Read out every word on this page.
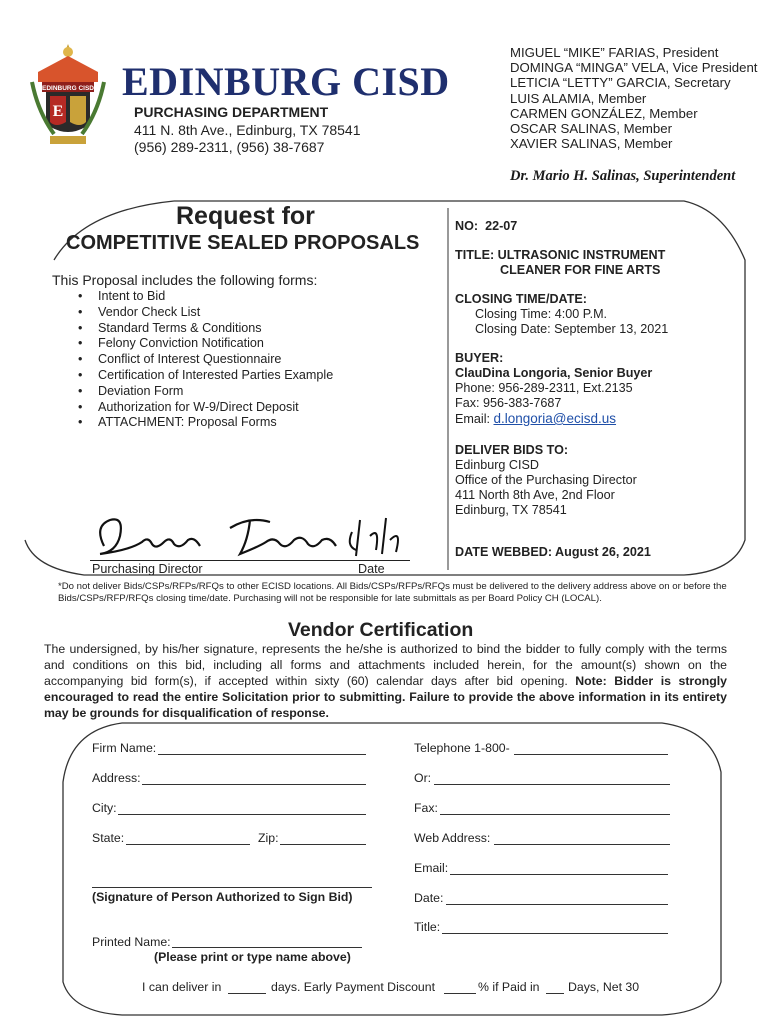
EDINBURG CISD
E
EDINBURG CISD
PURCHASING DEPARTMENT
411 N. 8th Ave., Edinburg, TX 78541
(956) 289-2311, (956) 38-7687
MIGUEL “MIKE” FARIAS, President
DOMINGA “MINGA” VELA, Vice President
LETICIA “LETTY” GARCIA, Secretary
LUIS ALAMIA, Member
CARMEN GONZÁLEZ, Member
OSCAR SALINAS, Member
XAVIER SALINAS, Member
Dr. Mario H. Salinas, Superintendent
Request for
COMPETITIVE SEALED PROPOSALS
This Proposal includes the following forms:
• Intent to Bid
• Vendor Check List
• Standard Terms & Conditions
• Felony Conviction Notification
• Conflict of Interest Questionnaire
• Certification of Interested Parties Example
• Deviation Form
• Authorization for W-9/Direct Deposit
• ATTACHMENT: Proposal Forms
NO: 22-07
TITLE: ULTRASONIC INSTRUMENT
CLEANER FOR FINE ARTS
CLOSING TIME/DATE:
Closing Time: 4:00 P.M.
Closing Date: September 13, 2021
BUYER:
ClauDina Longoria, Senior Buyer
Phone: 956-289-2311, Ext.2135
Fax: 956-383-7687
Email: d.longoria@ecisd.us
DELIVER BIDS TO:
Edinburg CISD
Office of the Purchasing Director
411 North 8th Ave, 2nd Floor
Edinburg, TX 78541
DATE WEBBED: August 26, 2021
Purchasing Director	Date
*Do not deliver Bids/CSPs/RFPs/RFQs to other ECISD locations. All Bids/CSPs/RFPs/RFQs must be delivered to the delivery address above on or before the Bids/CSPs/RFP/RFQs closing time/date. Purchasing will not be responsible for late submittals as per Board Policy CH (LOCAL).
Vendor Certification
The undersigned, by his/her signature, represents the he/she is authorized to bind the bidder to fully comply with the terms and conditions on this bid, including all forms and attachments included herein, for the amount(s) shown on the accompanying bid form(s), if accepted within sixty (60) calendar days after bid opening. Note: Bidder is strongly encouraged to read the entire Solicitation prior to submitting. Failure to provide the above information in its entirety may be grounds for disqualification of response.
Firm Name:
Address:
City:
State:	Zip:
(Signature of Person Authorized to Sign Bid)
Printed Name:
(Please print or type name above)
Telephone 1-800-
Or:
Fax:
Web Address:
Email:
Date:
Title:
I can deliver in	days. Early Payment Discount	% if Paid in Days, Net 30
